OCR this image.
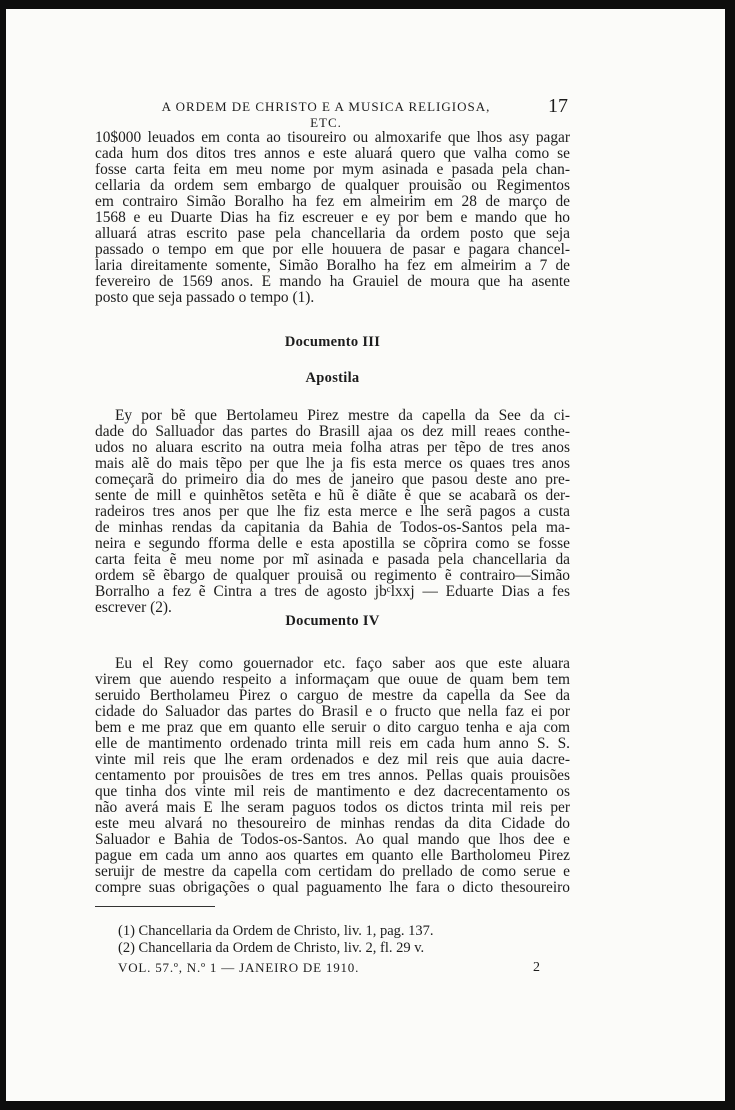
A ORDEM DE CHRISTO E A MUSICA RELIGIOSA, ETC.
17
10$000 leuados em conta ao tisoureiro ou almoxarife que lhos asy pagar
cada hum dos ditos tres annos e este aluará quero que valha como se
fosse carta feita em meu nome por mym asinada e pasada pela chan-
cellaria da ordem sem embargo de qualquer prouisão ou Regimentos
em contrairo Simão Boralho ha fez em almeirim em 28 de março de
1568 e eu Duarte Dias ha fiz escreuer e ey por bem e mando que ho
alluará atras escrito pase pela chancellaria da ordem posto que seja
passado o tempo em que por elle houuera de pasar e pagara chancel-
laria direitamente somente, Simão Boralho ha fez em almeirim a 7 de
fevereiro de 1569 anos. E mando ha Grauiel de moura que ha asente
posto que seja passado o tempo (1).
Documento III
Apostila
Ey por bẽ que Bertolameu Pirez mestre da capella da See da ci-
dade do Salluador das partes do Brasill ajaa os dez mill reaes conthe-
udos no aluara escrito na outra meia folha atras per tẽpo de tres anos
mais alẽ do mais tẽpo per que lhe ja fis esta merce os quaes tres anos
começarã do primeiro dia do mes de janeiro que pasou deste ano pre-
sente de mill e quinhẽtos setẽta e hũ ẽ diãte ẽ que se acabarã os der-
radeiros tres anos per que lhe fiz esta merce e lhe serã pagos a custa
de minhas rendas da capitania da Bahia de Todos-os-Santos pela ma-
neira e segundo fforma delle e esta apostilla se cõprira como se fosse
carta feita ẽ meu nome por mĩ asinada e pasada pela chancellaria da
ordem sẽ ẽbargo de qualquer prouisã ou regimento ẽ contrairo—Simão
Borralho a fez ẽ Cintra a tres de agosto jbᶜlxxj — Eduarte Dias a fes
escrever (2).
Documento IV
Eu el Rey como gouernador etc. faço saber aos que este aluara
virem que auendo respeito a informaçam que ouue de quam bem tem
seruido Bertholameu Pirez o carguo de mestre da capella da See da
cidade do Saluador das partes do Brasil e o fructo que nella faz ei por
bem e me praz que em quanto elle seruir o dito carguo tenha e aja com
elle de mantimento ordenado trinta mill reis em cada hum anno S. S.
vinte mil reis que lhe eram ordenados e dez mil reis que auia dacre-
centamento por prouisões de tres em tres annos. Pellas quais prouisões
que tinha dos vinte mil reis de mantimento e dez dacrecentamento os
não averá mais E lhe seram paguos todos os dictos trinta mil reis per
este meu alvará no thesoureiro de minhas rendas da dita Cidade do
Saluador e Bahia de Todos-os-Santos. Ao qual mando que lhos dee e
pague em cada um anno aos quartes em quanto elle Bartholomeu Pirez
seruĳr de mestre da capella com certidam do prellado de como serue e
compre suas obrigações o qual paguamento lhe fara o dicto thesoureiro
(1) Chancellaria da Ordem de Christo, liv. 1, pag. 137.
(2) Chancellaria da Ordem de Christo, liv. 2, fl. 29 v.
VOL. 57.º, N.º 1 — JANEIRO DE 1910.	2
